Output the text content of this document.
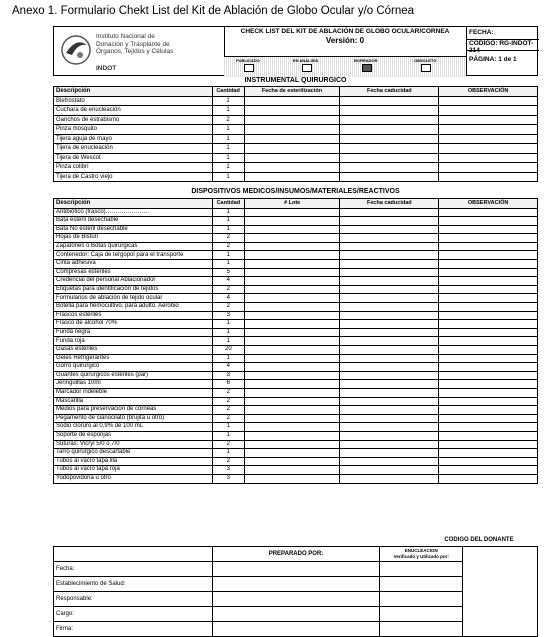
Anexo 1. Formulario Chekt List del Kit de Ablación de Globo Ocular y/o Córnea
Instituto Nacional de
Donación y Trasplante de
Órganos, Tejidos y Células
INDOT
CHECK LIST DEL KIT DE ABLACIÓN DE GLOBO OCULAR/CORNEA
Versión: 0
PUBLICADO	EN ANÁLISIS	BORRADOR	OBSOLETO
FECHA:
CÓDIGO: RG-INDOT-214
PÁGINA: 1 de 1
INSTRUMENTAL QUIRURGICO
Descripción	Cantidad	Fecha de esterilización	Fecha caducidad	OBSERVACIÓN
Blefrostato	1			
Cuchara de enucleación	1			
Ganchos de estrabismo	2			
Pinza mosquito	1			
Tijera aguja de mayo	1			
Tijera de enucleación	1			
Tijera de Wescot	1			
Pinza colibrí	1			
Tijera de Castro viejo	1			
DISPOSITIVOS MEDICOS/INSUMOS/MATERIALES/REACTIVOS
Descripción	Cantidad	# Lote	Fecha caducidad	OBSERVACIÓN
Antibiótico (frasco)…………………	1			
Bata estéril desechable	1			
Bata No estéril desechable	1			
Hojas de Bisturí	2			
Zapatones o Botas quirúrgicas	2			
Contenedor: Caja de tergopol para el transporte	1			
Cinta adhesiva	1			
Compresas estériles	5			
Credencial del personal Ablacionador	4			
Etiquetas para identificación de tejidos	2			
Formularios de ablación de tejido ocular	4			
Botella para hemocultivo, para adulto. Aerobio	2			
Frascos estériles	3			
Frasco de alcohol 70%	1			
Funda negra	1			
Funda roja	1			
Gasas estériles	20			
Geles Refrigerantes	1			
Gorro quirúrgico	4			
Guantes quirúrgicos estériles (par)	3			
Jeringuillas 10ml	6			
Marcador indeleble	2			
Mascarilla	2			
Medios para preservación de córneas	2			
Pegamento de cianocilato (brujita u otro)	2			
Sodio cloruro al 0,9% de 100 mL	1			
Soporte de esponjas	1			
Suturas: Vicryl 5/0 o 7/0	2			
Tarro quirúrgico descartable	1			
Tubos al vacío tapa lila	2			
Tubos al vacío tapa roja	3			
Yodopovidona u otro	3			
CODIGO DEL DONANTE
	PREPARADO POR:	ENUCLEACION
Verificado y Utilizado por:	

Fecha:			
Establecimiento de Salud:			
Responsable:			
Cargo:			
Firma:			
